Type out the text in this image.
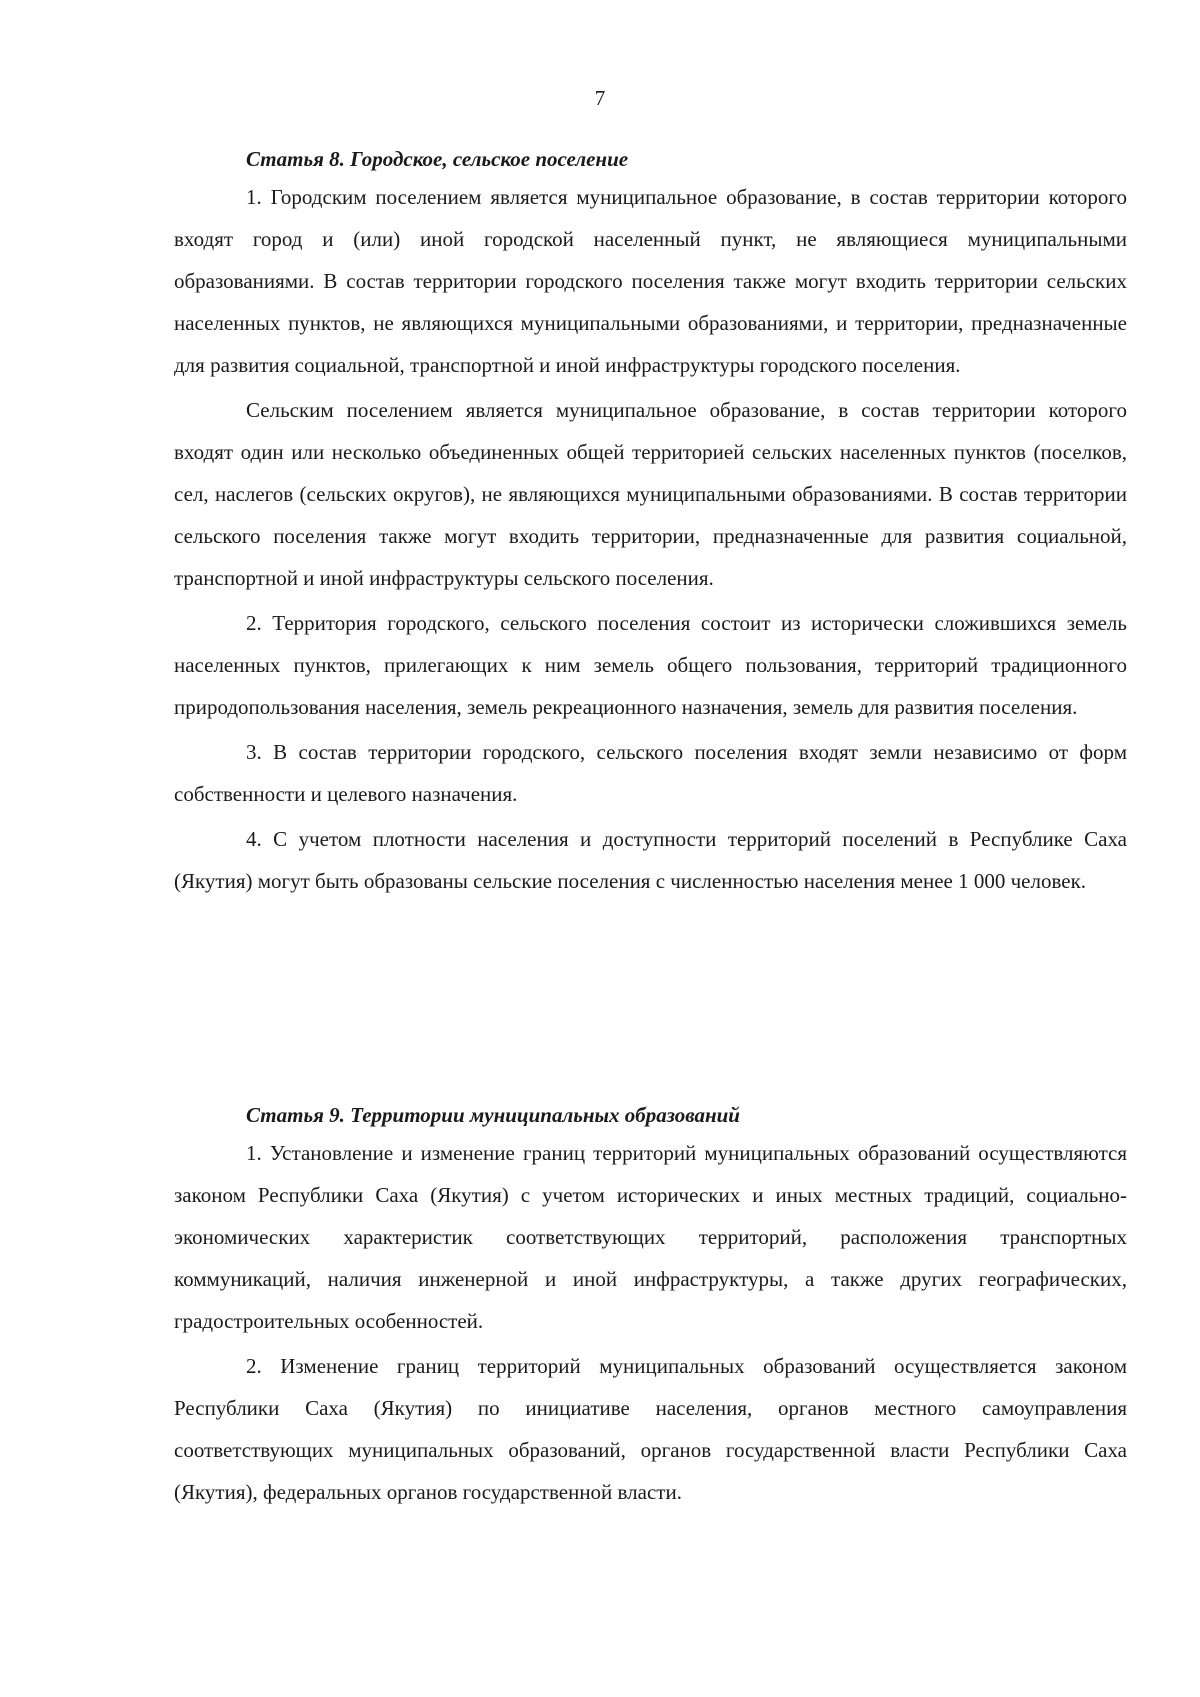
7

Статья 8. Городское, сельское поселение

1. Городским поселением является муниципальное образование, в состав территории которого входят город и (или) иной городской населенный пункт, не являющиеся муниципальными образованиями. В состав территории городского поселения также могут входить территории сельских населенных пунктов, не являющихся муниципальными образованиями, и территории, предназначенные для развития социальной, транспортной и иной инфраструктуры городского поселения.

Сельским поселением является муниципальное образование, в состав территории которого входят один или несколько объединенных общей территорией сельских населенных пунктов (поселков, сел, наслегов (сельских округов), не являющихся муниципальными образованиями. В состав территории сельского поселения также могут входить территории, предназначенные для развития социальной, транспортной и иной инфраструктуры сельского поселения.

2. Территория городского, сельского поселения состоит из исторически сложившихся земель населенных пунктов, прилегающих к ним земель общего пользования, территорий традиционного природопользования населения, земель рекреационного назначения, земель для развития поселения.

3. В состав территории городского, сельского поселения входят земли независимо от форм собственности и целевого назначения.

4. С учетом плотности населения и доступности территорий поселений в Республике Саха (Якутия) могут быть образованы сельские поселения с численностью населения менее 1 000 человек.

Статья 9. Территории муниципальных образований

1. Установление и изменение границ территорий муниципальных образований осуществляются законом Республики Саха (Якутия) с учетом исторических и иных местных традиций, социально-экономических характеристик соответствующих территорий, расположения транспортных коммуникаций, наличия инженерной и иной инфраструктуры, а также других географических, градостроительных особенностей.

2. Изменение границ территорий муниципальных образований осуществляется законом Республики Саха (Якутия) по инициативе населения, органов местного самоуправления соответствующих муниципальных образований, органов государственной власти Республики Саха (Якутия), федеральных органов государственной власти.
